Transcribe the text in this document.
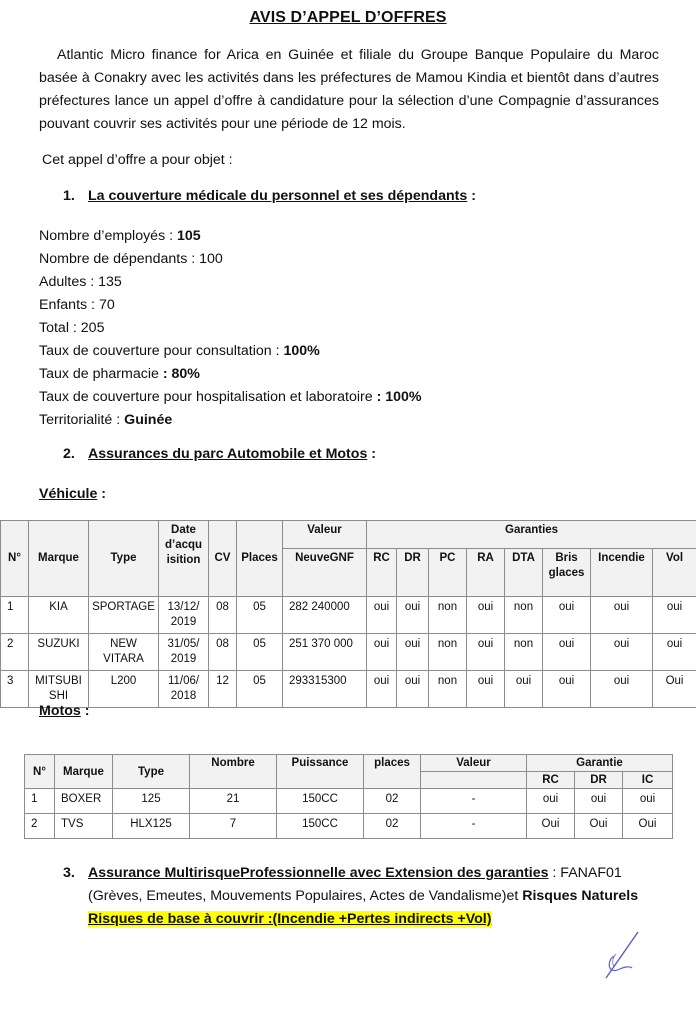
AVIS D’APPEL D’OFFRES

Atlantic Micro finance for Arica en Guinée et filiale du Groupe Banque Populaire du Maroc basée à Conakry avec les activités dans les préfectures de Mamou Kindia et bientôt dans d’autres préfectures lance un appel d’offre à candidature pour la sélection d’une Compagnie d’assurances pouvant couvrir ses activités pour une période de 12 mois.

Cet appel d’offre a pour objet :
1. La couverture médicale du personnel et ses dépendants :
Nombre d’employés : 105
Nombre de dépendants : 100
Adultes : 135
Enfants : 70
Total : 205
Taux de couverture pour consultation : 100%
Taux de pharmacie : 80%
Taux de couverture pour hospitalisation et laboratoire : 100%
Territorialité : Guinée
2. Assurances du parc Automobile et Motos :
Véhicule :
N°	Marque	Type	Date d’acqu isition	CV	Places	Valeur	Garanties							
						NeuveGNF	RC	DR	PC	RA	DTA	Bris glaces	Incendie	Vol
1	KIA	SPORTAGE	13/12/ 2019	08	05	282 240000	oui	oui	non	oui	non	oui	oui	oui
2	SUZUKI	NEW VITARA	31/05/ 2019	08	05	251 370 000	oui	oui	non	oui	non	oui	oui	oui
3	MITSUBI SHI	L200	11/06/ 2018	12	05	293315300	oui	oui	non	oui	oui	oui	oui	Oui
Motos :
N°	Marque	Type	Nombre	Puissance	places	Valeur	Garantie		
							RC	DR	IC
1	BOXER	125	21	150CC	02	-	oui	oui	oui
2	TVS	HLX125	7	150CC	02	-	Oui	Oui	Oui
3. Assurance MultirisqueProfessionnelle avec Extension des garanties : FANAF01 (Grèves, Emeutes, Mouvements Populaires, Actes de Vandalisme)et Risques Naturels
Risques de base à couvrir :(Incendie +Pertes indirects +Vol)
